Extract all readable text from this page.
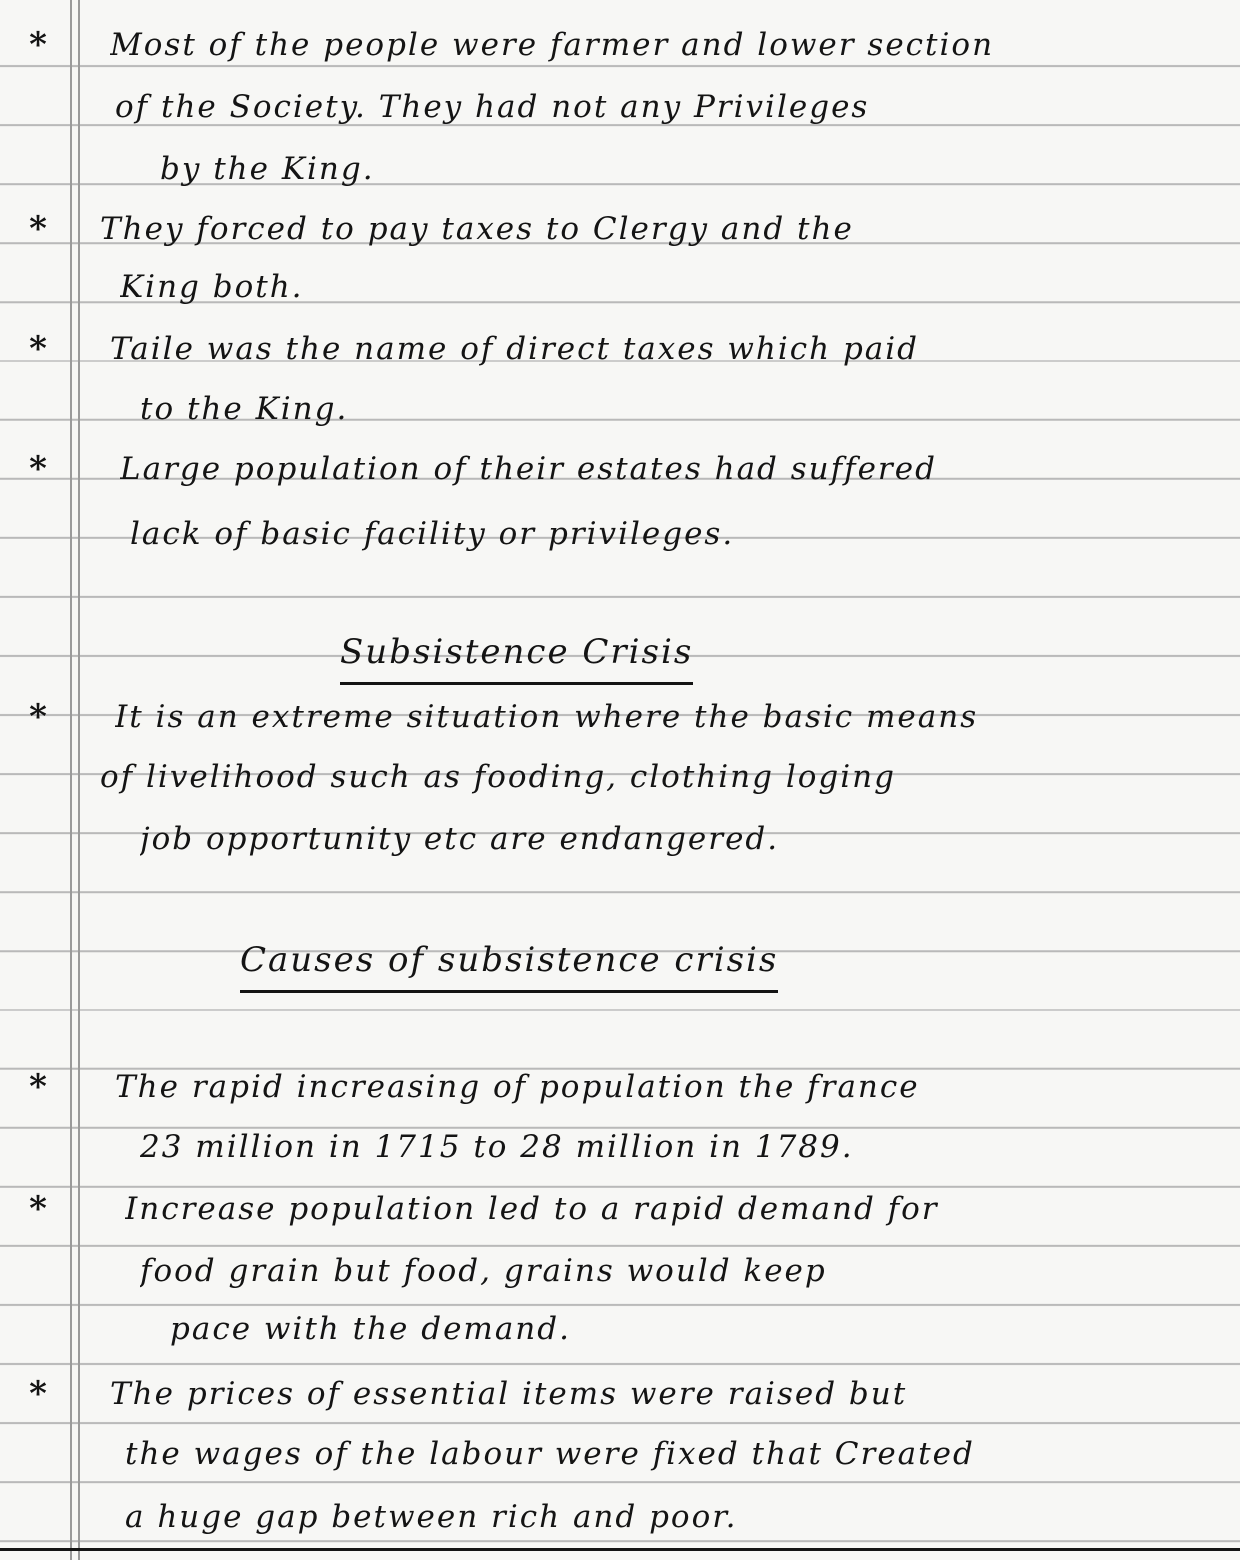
*	Most of the people were farmer and lower section
of the Society. They had not any Privileges
by the King.
*	They forced to pay taxes to Clergy and the
King both.
*	Taile was the name of direct taxes which paid
to the King.
*	Large population of their estates had suffered
lack of basic facility or privileges.
Subsistence Crisis
*	It is an extreme situation where the basic means
of livelihood such as fooding, clothing loging
job opportunity etc are endangered.
Causes of subsistence crisis
*	The rapid increasing of population the france
23 million in 1715 to 28 million in 1789.
*	Increase population led to a rapid demand for
food grain but food, grains would keep
pace with the demand.
*	The prices of essential items were raised but
the wages of the labour were fixed that Created
a huge gap between rich and poor.
